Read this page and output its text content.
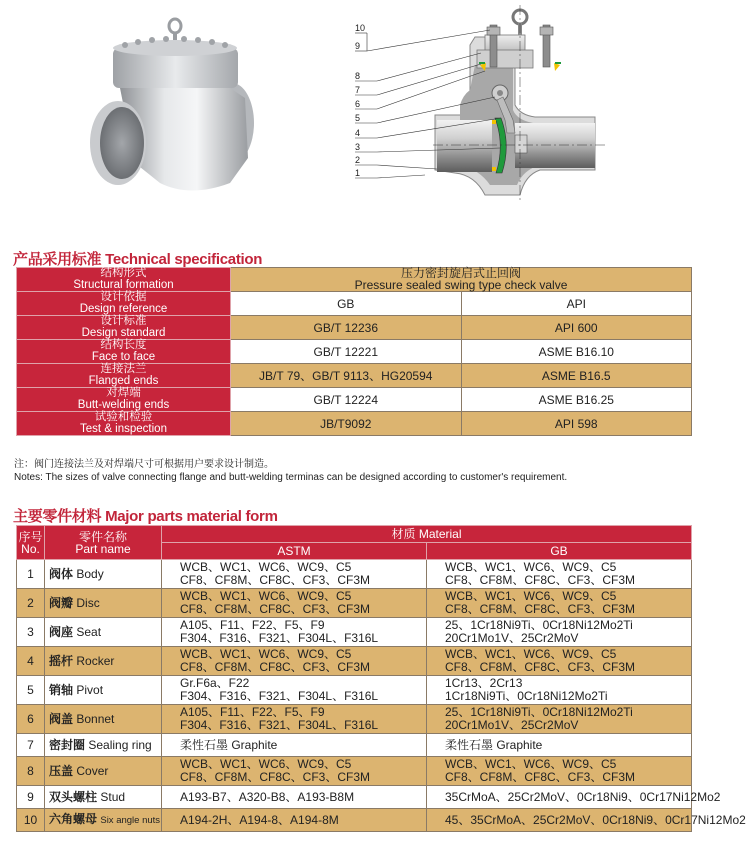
10
9
8
7
6
5
4
3
2
1
产品采用标准 Technical specification
结构形式
Structural formation

压力密封旋启式止回阀
Pressure sealed swing type check valve

设计依据
Design reference	GB	API

设计标准
Design standard	GB/T 12236	API 600

结构长度
Face to face	GB/T 12221	ASME B16.10

连接法兰
Flanged ends	JB/T 79、GB/T 9113、HG20594	ASME B16.5

对焊端
Butt-welding ends	GB/T 12224	ASME B16.25

试验和检验
Test & inspection	JB/T9092	API 598
注：阀门连接法兰及对焊端尺寸可根据用户要求设计制造。
Notes: The sizes of valve connecting flange and butt-welding terminas can be designed according to customer's requirement.
主要零件材料 Major parts material form
序号
No.

零件名称
Part name
	材质 Material
ASTM	GB
1	阀体 Body	WCB、WC1、WC6、WC9、C5
CF8、CF8M、CF8C、CF3、CF3M

WCB、WC1、WC6、WC9、C5
CF8、CF8M、CF8C、CF3、CF3M

2	阀瓣 Disc	WCB、WC1、WC6、WC9、C5
CF8、CF8M、CF8C、CF3、CF3M

WCB、WC1、WC6、WC9、C5
CF8、CF8M、CF8C、CF3、CF3M

3	阀座 Seat	A105、F11、F22、F5、F9
F304、F316、F321、F304L、F316L

25、1Cr18Ni9Ti、0Cr18Ni12Mo2Ti
20Cr1Mo1V、25Cr2MoV

4	摇杆 Rocker	WCB、WC1、WC6、WC9、C5
CF8、CF8M、CF8C、CF3、CF3M

WCB、WC1、WC6、WC9、C5
CF8、CF8M、CF8C、CF3、CF3M

5	销轴 Pivot	Gr.F6a、F22
F304、F316、F321、F304L、F316L

1Cr13、2Cr13
1Cr18Ni9Ti、0Cr18Ni12Mo2Ti

6	阀盖 Bonnet	A105、F11、F22、F5、F9
F304、F316、F321、F304L、F316L

25、1Cr18Ni9Ti、0Cr18Ni12Mo2Ti
20Cr1Mo1V、25Cr2MoV

7	密封圈 Sealing ring	柔性石墨 Graphite	柔性石墨 Graphite

8	压盖 Cover	WCB、WC1、WC6、WC9、C5
CF8、CF8M、CF8C、CF3、CF3M

WCB、WC1、WC6、WC9、C5
CF8、CF8M、CF8C、CF3、CF3M

9	双头螺柱 Stud	A193-B7、A320-B8、A193-B8M	35CrMoA、25Cr2MoV、0Cr18Ni9、0Cr17Ni12Mo2

10	六角螺母 Six angle nuts	A194-2H、A194-8、A194-8M	45、35CrMoA、25Cr2MoV、0Cr18Ni9、0Cr17Ni12Mo2
